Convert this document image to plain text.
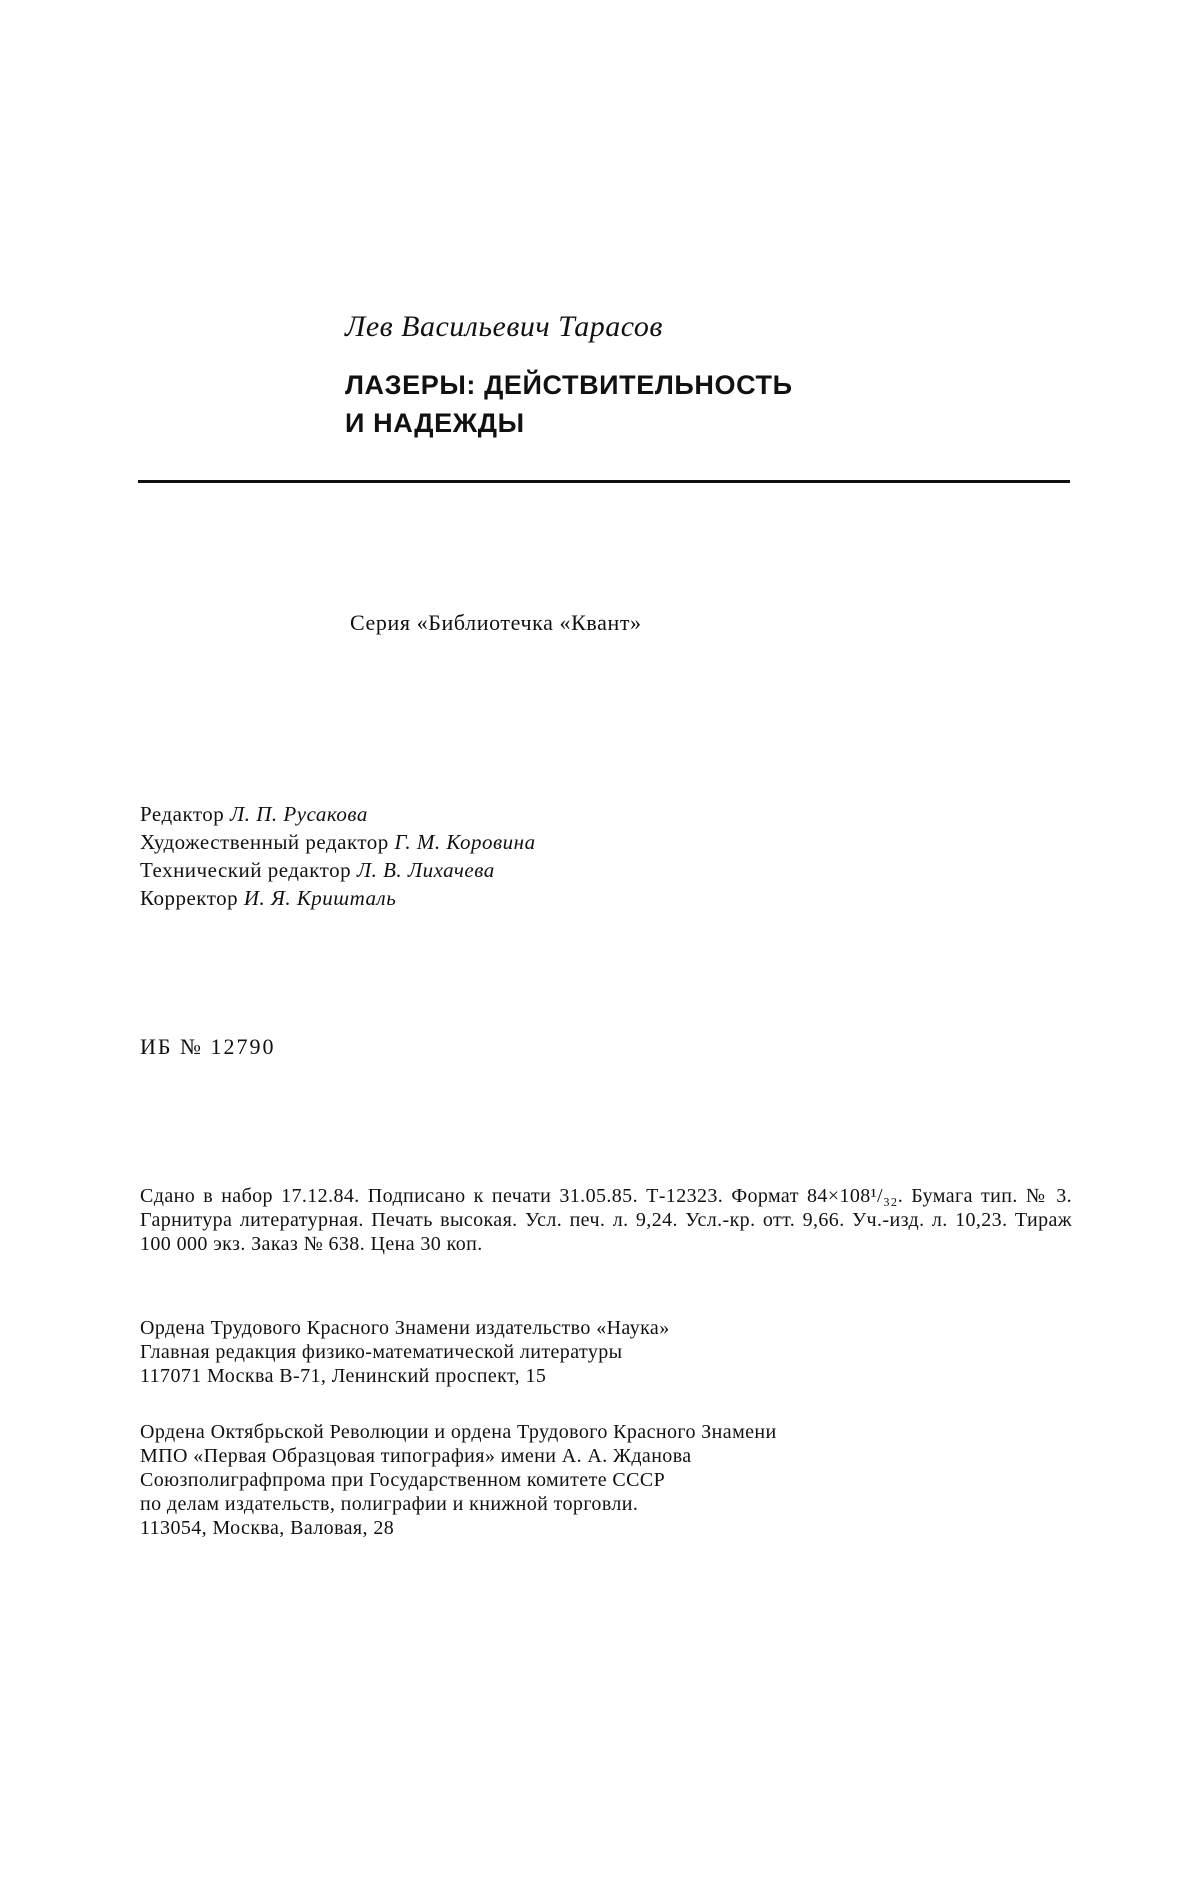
Лев Васильевич Тарасов
ЛАЗЕРЫ: ДЕЙСТВИТЕЛЬНОСТЬ
И НАДЕЖДЫ
Серия «Библиотечка «Квант»
Редактор Л. П. Русакова
Художественный редактор Г. М. Коровина
Технический редактор Л. В. Лихачева
Корректор И. Я. Кришталь
ИБ № 12790
Сдано в набор 17.12.84. Подписано к печати 31.05.85. Т-12323. Формат 84×108¹/₃₂. Бумага тип. № 3. Гарнитура литературная. Печать высокая. Усл. печ. л. 9,24. Усл.-кр. отт. 9,66. Уч.-изд. л. 10,23. Тираж 100 000 экз. Заказ № 638. Цена 30 коп.
Ордена Трудового Красного Знамени издательство «Наука»
Главная редакция физико-математической литературы
117071 Москва В-71, Ленинский проспект, 15
Ордена Октябрьской Революции и ордена Трудового Красного Знамени
МПО «Первая Образцовая типография» имени А. А. Жданова
Союзполиграфпрома при Государственном комитете СССР
по делам издательств, полиграфии и книжной торговли.
113054, Москва, Валовая, 28
